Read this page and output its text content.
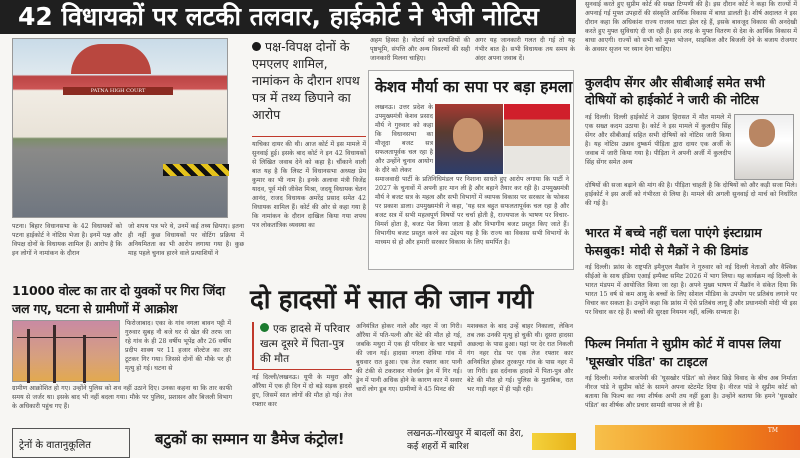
42 विधायकों पर लटकी तलवार, हाईकोर्ट ने भेजी नोटिस
PATNA HIGH COURT
पटना। बिहार विधानसभा के 42 विधायकों को पटना हाईकोर्ट ने नोटिस भेजा है। इनमें पक्ष और विपक्ष दोनों के विधायक शामिल हैं। आरोप है कि इन लोगों ने नामांकन के दौरान
जो शपथ पत्र भरे थे, उनमें कई तथ्य छिपाए। इतना ही नहीं कुछ विधायकों पर वोटिंग प्रक्रिया में अनियमितता का भी आरोप लगाया गया है। कुछ माह पहले चुनाव हारने वाले प्रत्याशियों ने
पक्ष-विपक्ष दोनों के एमएलए शामिल, नामांकन के दौरान शपथ पत्र में तथ्य छिपाने का आरोप
याचिका दायर की थी। आज कोर्ट में इस मामले में सुनवाई हुई। इसके बाद कोर्ट ने इन 42 विधायकों से लिखित जवाब देने को कहा है। चौंकाने वाली बात यह है कि लिस्ट में विधानसभा अध्यक्ष प्रेम कुमार का भी नाम है। इनके अलावा मंत्री विजेंद्र यादव, पूर्व मंत्री जीवेश मिश्रा, जदयू विधायक चेतन आनंद, राजद विधायक अमरेंद्र प्रसाद समेत 42 विधायक शामिल हैं। कोर्ट की ओर से कहा गया है कि नामांकन के दौरान दाखिल किया गया शपथ पत्र लोकतांत्रिक व्यवस्था का
अहम हिस्सा है। वोटर्स को प्रत्याशियों की पृष्ठभूमि, संपत्ति और अन्य विवरणों की सही जानकारी मिलना चाहिए।
अगर यह जानकारी गलत दी गई तो यह गंभीर बात है। सभी विधायक तय समय के अंदर अपना जवाब दें।
केशव मौर्या का सपा पर बड़ा हमला
लखनऊ। उत्तर प्रदेश के उपमुख्यमंत्री केशव प्रसाद मौर्य ने गुरुवार को कहा कि विधानसभा का मौजूदा बजट सत्र सफलतापूर्वक चल रहा है और उन्होंने चुनाव आयोग के दौरे को लेकर
समाजवादी पार्टी के प्रतिनिधिमंडल पर निशाना साधते हुए आरोप लगाया कि पार्टी ने 2027 के चुनावों में अपनी हार मान ली है और बहाने तैयार कर रही है। उपमुख्यमंत्री मौर्य ने बजट सत्र के महत्व और सभी विभागों में व्यापक विकास पर सरकार के फोकस पर प्रकाश डाला। उपमुख्यमंत्री ने कहा, 'यह सत्र बहुत सफलतापूर्वक चल रहा है और बजट सत्र में सभी महत्वपूर्ण विषयों पर चर्चा होती है, राज्यपाल के भाषण पर विचार-विमर्श होता है, बजट पेश किया जाता है और विभागीय बजट प्रस्तुत किए जाते हैं। विभागीय बजट प्रस्तुत करने का उद्देश्य यह है कि राज्य का विकास सभी विभागों के माध्यम से हो और हमारी सरकार विकास के लिए समर्पित है।
सुनवाई करते हुए सुप्रीम कोर्ट की सख्त टिप्पणी की है। इस दौरान कोर्ट ने कहा कि राज्यों में अपनाई गई मुफ्त उपहारों की संस्कृति आर्थिक विकास में बाधा डालती है। शीर्ष अदालत ने इस दौरान कहा कि अधिकांश राज्य राजस्व घाटा झेल रहे हैं, इसके बावजूद विकास की अनदेखी करते हुए मुफ्त सुविधाएं दी जा रही हैं। इस तरह के मुफ्त वितरण से देश के आर्थिक विकास में बाधा आएगी। राज्यों को सभी को मुफ्त भोजन, साइकिल और बिजली देने के बजाय रोजगार के अवसर सृजन पर ध्यान देना चाहिए।
कुलदीप सेंगर और सीबीआई समेत सभी दोषियों को हाईकोर्ट ने जारी की नोटिस
नई दिल्ली। दिल्ली हाईकोर्ट ने उन्नाव हिरासत में मौत मामले में एक सख्त कदम उठाया है। कोर्ट ने इस मामले में कुलदीप सिंह सेंगर और सीबीआई सहित सभी दोषियों को नोटिस जारी किया है। यह नोटिस उन्नाव दुष्कर्म पीड़िता द्वारा दायर एक अर्जी के जवाब में जारी किया गया है। पीड़िता ने अपनी अर्जी में कुलदीप सिंह सेंगर समेत अन्य
दोषियों की सजा बढ़ाने की मांग की है। पीड़िता चाहती है कि दोषियों को और कड़ी सजा मिले। हाईकोर्ट ने इस अर्जी को गंभीरता से लिया है। मामले की अगली सुनवाई दो मार्च को निर्धारित की गई है।
भारत में बच्चे नहीं चला पाएंगे इंस्टाग्राम फेसबुक! मोदी से मैक्रों ने की डिमांड
नई दिल्ली। फ्रांस के राष्ट्रपति इमैनुएल मैक्रॉन ने गुरुवार को नई दिल्ली नेताओं और वैश्विक सीईओ के साथ इंडिया एआई इम्पैक्ट समिट 2026 में भाग लिया। यह कार्यक्रम नई दिल्ली के भारत मंडपम में आयोजित किया जा रहा है। अपने मुख्य भाषण में मैक्रॉन ने संकेत दिया कि भारत 15 वर्ष से कम आयु के बच्चों के लिए सोशल मीडिया के उपयोग पर प्रतिबंध लगाने पर विचार कर सकता है। उन्होंने कहा कि फ्रांस में ऐसे प्रतिबंध लागू हैं और प्रधानमंत्री मोदी भी इस पर विचार कर रहे हैं। बच्चों की सुरक्षा नियमन नहीं, बल्कि सभ्यता है।
फिल्म निर्माता ने सुप्रीम कोर्ट में वापस लिया 'घूसखोर पंडित' का टाइटल
नई दिल्ली। मनोज बाजपेयी की 'घूसखोर पंडित' को लेकर छिड़े विवाद के बीच अब निर्माता नीरज पांडे ने सुप्रीम कोर्ट के सामने अपना स्टेटमेंट दिया है। नीरज पांडे ने सुप्रीम कोर्ट को बताया कि फिल्म का नया शीर्षक अभी तय नहीं हुआ है। उन्होंने बताया कि हमने 'घूसखोर पंडित' का शीर्षक और प्रचार सामग्री वापस ले ली है।
TM
11000 वोल्ट का तार दो युवकों पर गिरा जिंदा जल गए, घटना से ग्रामीणों में आक्रोश
फिरोजाबाद। एका के गांव नगला बावन पट्टी में गुरुवार सुबह नौ बजे घर से खेत की तरफ जा रहे गांव के ही 28 वर्षीय भूपेंद्र और 26 वर्षीय प्रदीप शाक्य पर 11 हजार वोल्टेज का तार टूटकर गिर गया। जिससे दोनों की मौके पर ही मृत्यु हो गई। घटना से
ग्रामीण आक्रोशित हो गए। उन्होंने पुलिस को शव नहीं उठाने दिए। उनका कहना था कि तार काफी समय से जर्जर था। इसके बाद भी नहीं बदला गया। मौके पर पुलिस, प्रशासन और बिजली विभाग के अधिकारी पहुंच गए हैं।
दो हादसों में सात की जान गयी
एक हादसे में परिवार खत्म दूसरे में पिता-पुत्र की मौत
नई दिल्ली/लखनऊ। यूपी के मथुरा और औरैया में एक ही दिन में दो बड़े सड़क हादसे हुए, जिसमें सात लोगों की मौत हो गई। तेज रफ्तार कार
अनियंत्रित होकर नाले और नहर में जा गिरी। औरैया में पति-पत्नी और बेटे की मौत हो गई, जबकि मथुरा में एक ही परिवार के चार भाइयों की जान गई। हादसा नगला देविया गांव में बुधवार रात हुआ। एक तेज रफ्तार कार पानी की टंकी से टकराकर गोवर्धन ड्रेन में गिर गई। ड्रेन में पानी अधिक होने के कारण कार में सवार चारों लोग डूब गए। ग्रामीणों ने 45 मिनट की
मशक्कत के बाद उन्हें बाहर निकाला, लेकिन तब तक उनकी मृत्यु हो चुकी थी। दूसरा हादसा अछल्दा के पास हुआ। यहां पर देर रात निकली गंग नहर रोड पर एक तेज रफ्तार कार अनियंत्रित होकर तुरकपुर गांव के पास नहर में जा गिरी। इस दर्दनाक हादसे में पिता-पुत्र और बेटे की मौत हो गई। पुलिस के मुताबिक, रात भर गाड़ी नहर में ही पड़ी रही।
ट्रेनों के वातानुकूलित	बटुकों का सम्मान या डैमेज कंट्रोल!	लखनऊ-गोरखपुर में बादलों का डेरा, कई शहरों में बारिश
